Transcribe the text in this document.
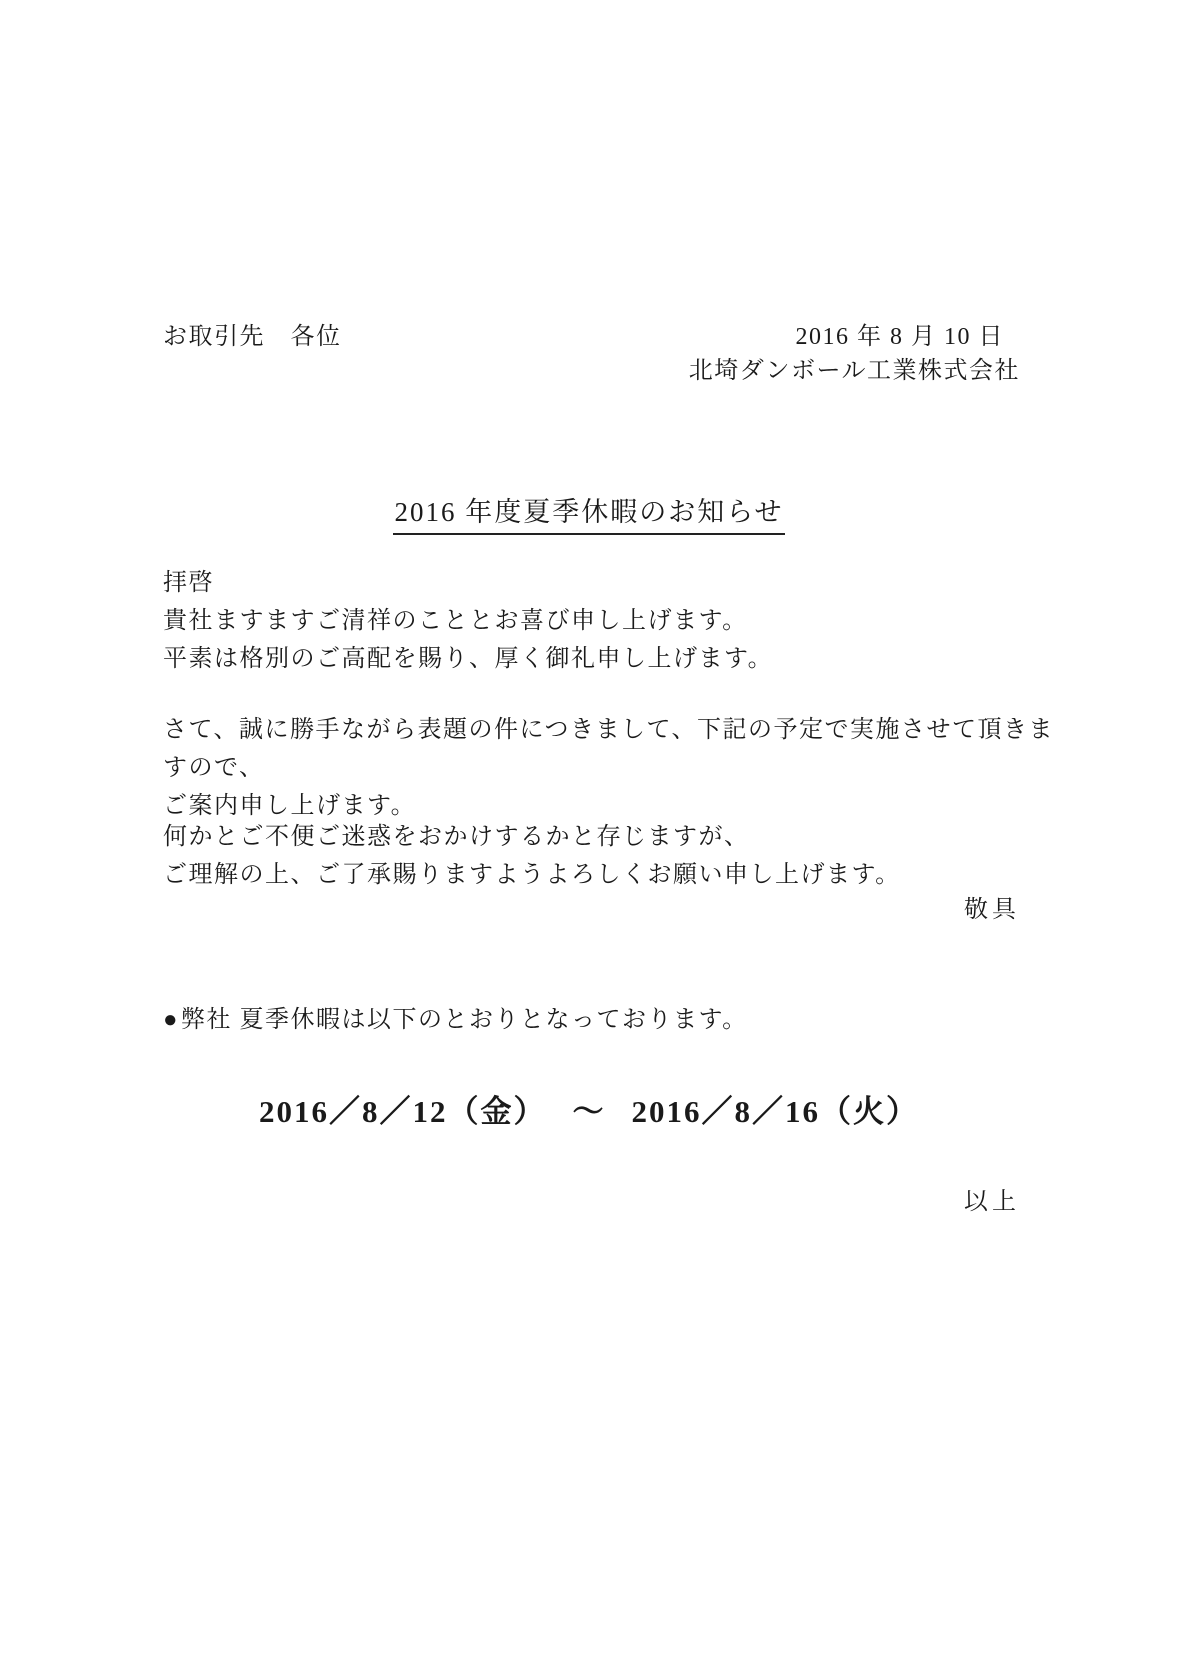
お取引先　各位	2016 年 8 月 10 日
北埼ダンボール工業株式会社
2016 年度夏季休暇のお知らせ
拝啓
貴社ますますご清祥のこととお喜び申し上げます。
平素は格別のご高配を賜り、厚く御礼申し上げます。
さて、誠に勝手ながら表題の件につきまして、下記の予定で実施させて頂きますので、
ご案内申し上げます。
何かとご不便ご迷惑をおかけするかと存じますが、
ご理解の上、ご了承賜りますようよろしくお願い申し上げます。
敬具
●弊社 夏季休暇は以下のとおりとなっております。
2016／8／12（金） ～ 2016／8／16（火）
以上
